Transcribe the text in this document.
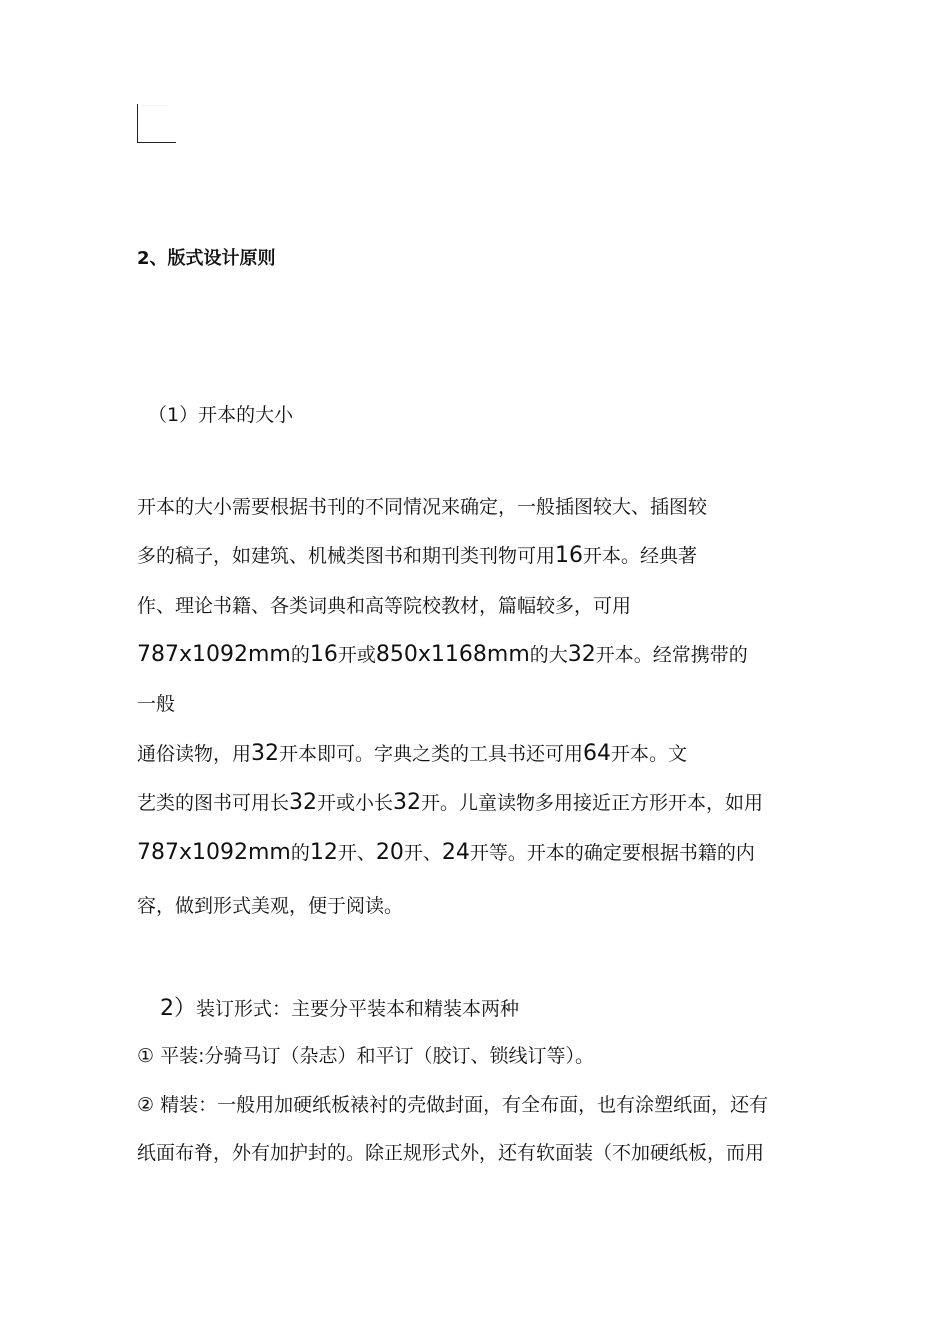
····························
2、版式设计原则
（1）开本的大小
开本的大小需要根据书刊的不同情况来确定，一般插图较大、插图较
多的稿子，如建筑、机械类图书和期刊类刊物可用16开本。经典著
作、理论书籍、各类词典和高等院校教材，篇幅较多，可用
787x1092mm的16开或850x1168mm的大32开本。经常携带的
一般
通俗读物，用32开本即可。字典之类的工具书还可用64开本。文
艺类的图书可用长32开或小长32开。儿童读物多用接近正方形开本，如用
787x1092mm的12开、20开、24开等。开本的确定要根据书籍的内
容，做到形式美观，便于阅读。
2）装订形式：主要分平装本和精装本两种
① 平装:分骑马订（杂志）和平订（胶订、锁线订等）。
② 精装：一般用加硬纸板裱衬的壳做封面，有全布面，也有涂塑纸面，还有
纸面布脊，外有加护封的。除正规形式外，还有软面装（不加硬纸板，而用
